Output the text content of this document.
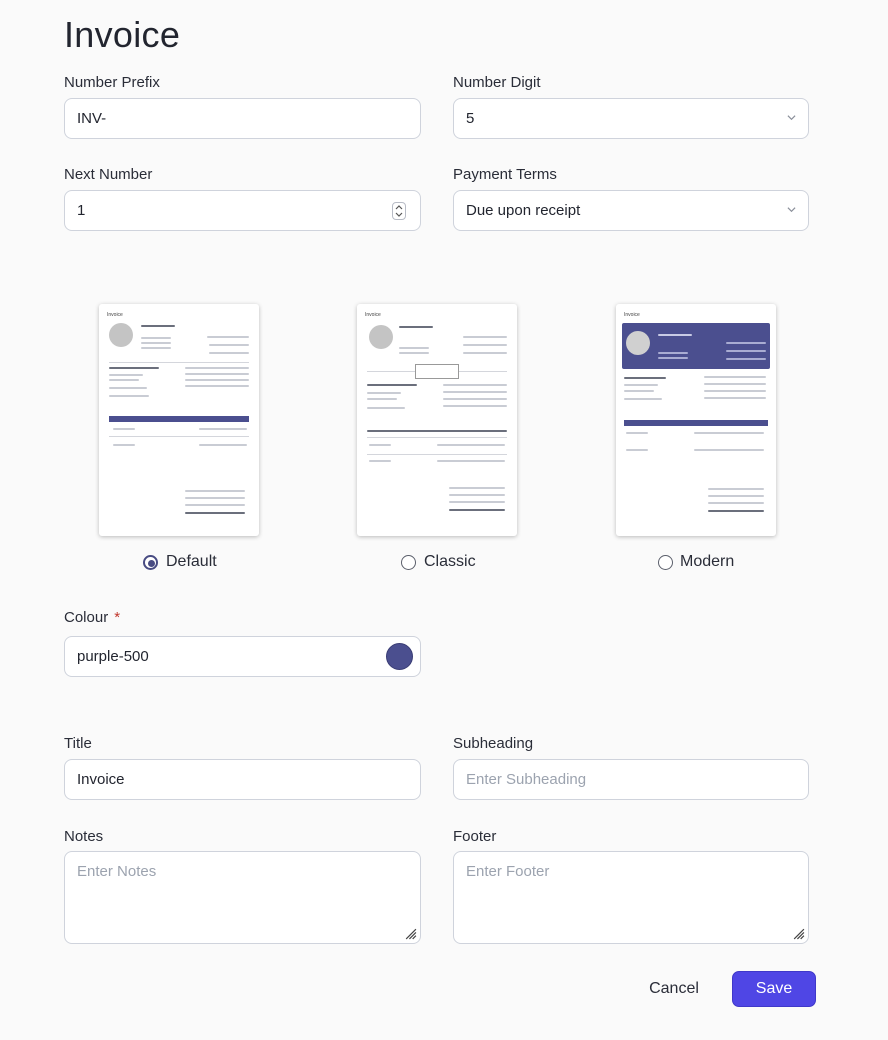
Invoice
Number Prefix
INV-
Number Digit
5
Next Number
1
Payment Terms
Due upon receipt
Invoice	Invoice	Invoice
Default	Classic	Modern
Colour *
purple-500
Title
Invoice
Subheading
Enter Subheading
Notes
Enter Notes
Footer
Enter Footer
Cancel	Save
